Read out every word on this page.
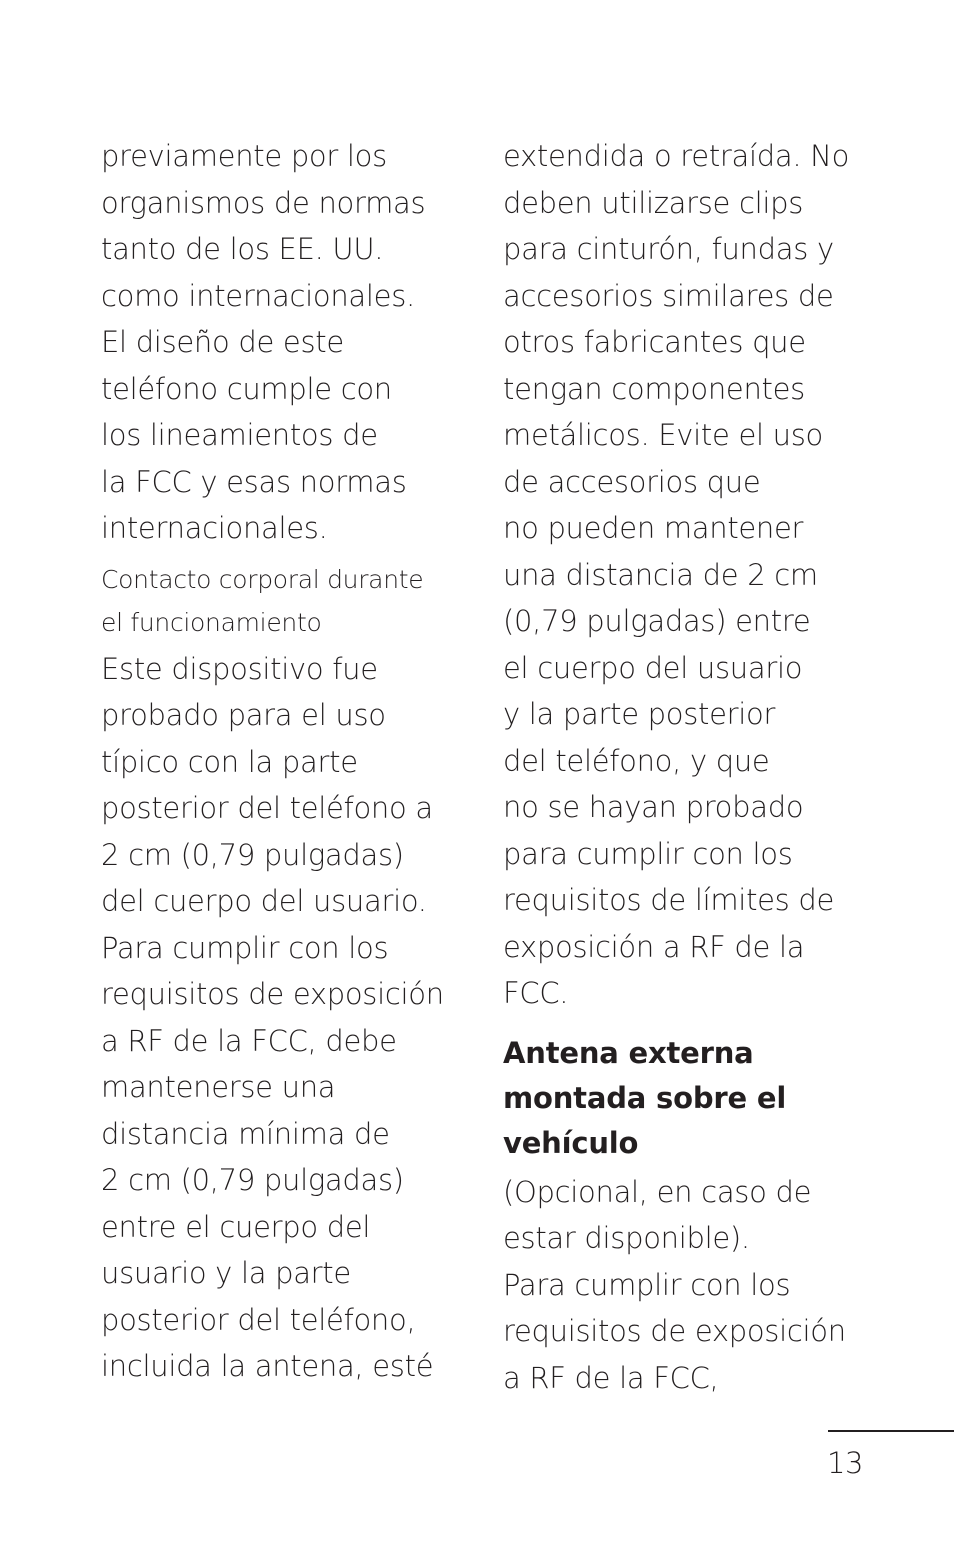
previamente por los
organismos de normas
tanto de los EE. UU.
como internacionales.
El diseño de este
teléfono cumple con
los lineamientos de
la FCC y esas normas
internacionales.
Contacto corporal durante
el funcionamiento
Este dispositivo fue
probado para el uso
típico con la parte
posterior del teléfono a
2 cm (0,79 pulgadas)
del cuerpo del usuario.
Para cumplir con los
requisitos de exposición
a RF de la FCC, debe
mantenerse una
distancia mínima de
2 cm (0,79 pulgadas)
entre el cuerpo del
usuario y la parte
posterior del teléfono,
incluida la antena, esté
extendida o retraída. No
deben utilizarse clips
para cinturón, fundas y
accesorios similares de
otros fabricantes que
tengan componentes
metálicos. Evite el uso
de accesorios que
no pueden mantener
una distancia de 2 cm
(0,79 pulgadas) entre
el cuerpo del usuario
y la parte posterior
del teléfono, y que
no se hayan probado
para cumplir con los
requisitos de límites de
exposición a RF de la
FCC.
Antena externa
montada sobre el
vehículo
(Opcional, en caso de
estar disponible).
Para cumplir con los
requisitos de exposición
a RF de la FCC,
13
